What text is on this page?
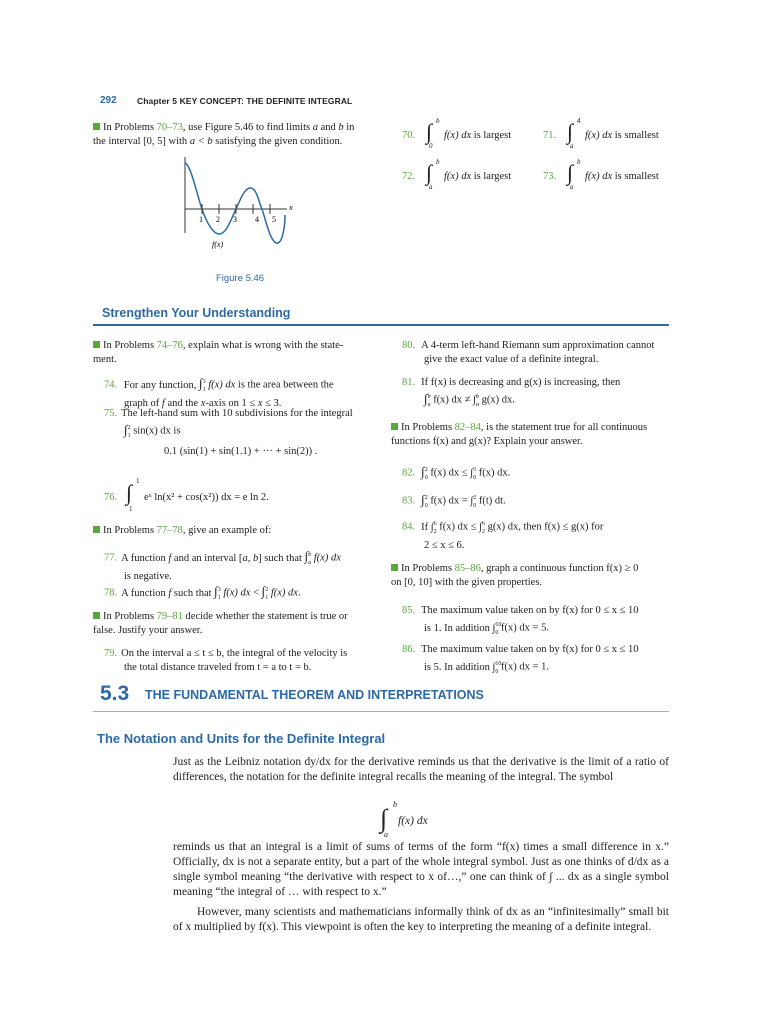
292 Chapter 5 KEY CONCEPT: THE DEFINITE INTEGRAL
In Problems 70–73, use Figure 5.46 to find limits a and b in
the interval [0, 5] with a < b satisfying the given condition.
70. ∫ b
0
f(x) dx is largest	71. ∫ 4
a
f(x) dx is smallest
72. ∫ b
a
f(x) dx is largest	73. ∫ b
a
f(x) dx is smallest
1 2 3 4 5
x
f(x)
Figure 5.46
Strengthen Your Understanding
In Problems 74–76, explain what is wrong with the state-
ment.
74. For any function, ∫$^3_1$ f(x) dx is the area between the
graph of f and the x-axis on 1 ≤ x ≤ 3.
75. The left-hand sum with 10 subdivisions for the integral
∫$^2_1$ sin(x) dx is
0.1 (sin(1) + sin(1.1) + ··· + sin(2)) .
76. ∫ 1
1
eˣ ln(x² + cos(x²)) dx = e ln 2.
In Problems 77–78, give an example of:
77. A function f and an interval [a, b] such that ∫$^b_a$ f(x) dx
is negative.
78. A function f such that ∫$^3_1$ f(x) dx < ∫$^2_1$ f(x) dx.
In Problems 79–81 decide whether the statement is true or
false. Justify your answer.
79. On the interval a ≤ t ≤ b, the integral of the velocity is
the total distance traveled from t = a to t = b.
80. A 4-term left-hand Riemann sum approximation cannot
give the exact value of a definite integral.
81. If f(x) is decreasing and g(x) is increasing, then
∫$^b_a$ f(x) dx ≠ ∫$^b_a$ g(x) dx.
In Problems 82–84, is the statement true for all continuous
functions f(x) and g(x)? Explain your answer.
82. ∫$^2_0$ f(x) dx ≤ ∫$^3_0$ f(x) dx.
83. ∫$^2_0$ f(x) dx = ∫$^2_0$ f(t) dt.
84. If ∫$^6_2$ f(x) dx ≤ ∫$^6_2$ g(x) dx, then f(x) ≤ g(x) for
2 ≤ x ≤ 6.
In Problems 85–86, graph a continuous function f(x) ≥ 0
on [0, 10] with the given properties.
85. The maximum value taken on by f(x) for 0 ≤ x ≤ 10
is 1. In addition ∫$^{10}_0$ f(x) dx = 5.
86. The maximum value taken on by f(x) for 0 ≤ x ≤ 10
is 5. In addition ∫$^{10}_0$ f(x) dx = 1.
5.3 THE FUNDAMENTAL THEOREM AND INTERPRETATIONS
The Notation and Units for the Definite Integral
Just as the Leibniz notation dy/dx for the derivative reminds us that the derivative is the limit of a ratio of differences, the notation for the definite integral recalls the meaning of the integral. The symbol
∫ b
a
f(x) dx
reminds us that an integral is a limit of sums of terms of the form “f(x) times a small difference in x.” Officially, dx is not a separate entity, but a part of the whole integral symbol. Just as one thinks of d/dx as a single symbol meaning “the derivative with respect to x of…,” one can think of ∫ ... dx as a single symbol meaning “the integral of … with respect to x.”
However, many scientists and mathematicians informally think of dx as an “infinitesimally” small bit of x multiplied by f(x). This viewpoint is often the key to interpreting the meaning of a definite integral.
